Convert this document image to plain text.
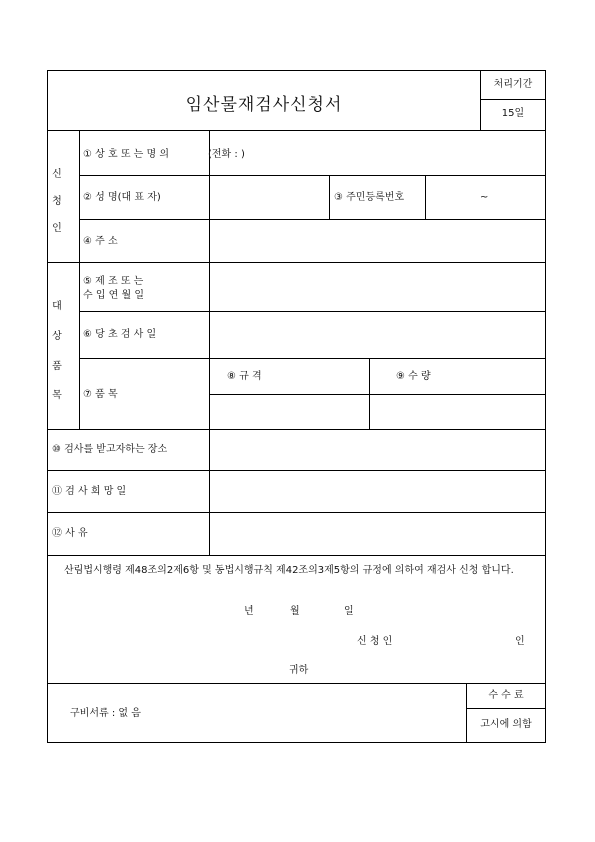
임산물재검사신청서
처리기간
15일
신
청
인
대
상
품
목
① 상 호 또 는 명 의	(전화 : )
② 성 명(대 표 자)	③ 주민등록번호	~
④ 주 소
⑤ 제 조 또 는
수 입 연 월 일
⑥ 당 초 검 사 일
⑦ 품 목
⑧ 규 격	⑨ 수 량
⑩ 검사를 받고자하는 장소
⑪ 검 사 희 망 일
⑫ 사 유
산림법시행령 제48조의2제6항 및 동법시행규칙 제42조의3제5항의 규정에 의하여 재검사 신청 합니다.
년	월	일
신 청 인	인
귀하
구비서류 : 없 음
수 수 료
고시에 의함
